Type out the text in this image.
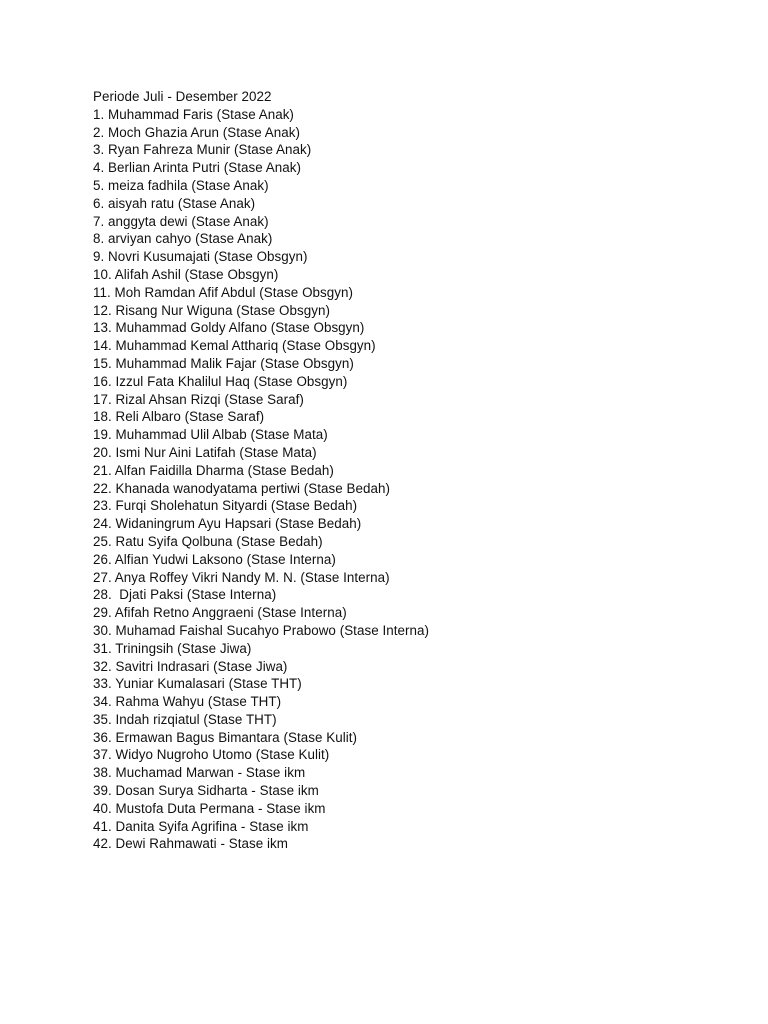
Periode Juli - Desember 2022
1. Muhammad Faris (Stase Anak)
2. Moch Ghazia Arun (Stase Anak)
3. Ryan Fahreza Munir (Stase Anak)
4. Berlian Arinta Putri (Stase Anak)
5. meiza fadhila (Stase Anak)
6. aisyah ratu (Stase Anak)
7. anggyta dewi (Stase Anak)
8. arviyan cahyo (Stase Anak)
9. Novri Kusumajati (Stase Obsgyn)
10. Alifah Ashil (Stase Obsgyn)
11. Moh Ramdan Afif Abdul (Stase Obsgyn)
12. Risang Nur Wiguna (Stase Obsgyn)
13. Muhammad Goldy Alfano (Stase Obsgyn)
14. Muhammad Kemal Atthariq (Stase Obsgyn)
15. Muhammad Malik Fajar (Stase Obsgyn)
16. Izzul Fata Khalilul Haq (Stase Obsgyn)
17. Rizal Ahsan Rizqi (Stase Saraf)
18. Reli Albaro (Stase Saraf)
19. Muhammad Ulil Albab (Stase Mata)
20. Ismi Nur Aini Latifah (Stase Mata)
21. Alfan Faidilla Dharma (Stase Bedah)
22. Khanada wanodyatama pertiwi (Stase Bedah)
23. Furqi Sholehatun Sityardi (Stase Bedah)
24. Widaningrum Ayu Hapsari (Stase Bedah)
25. Ratu Syifa Qolbuna (Stase Bedah)
26. Alfian Yudwi Laksono (Stase Interna)
27. Anya Roffey Vikri Nandy M. N. (Stase Interna)
28.  Djati Paksi (Stase Interna)
29. Afifah Retno Anggraeni (Stase Interna)
30. Muhamad Faishal Sucahyo Prabowo (Stase Interna)
31. Triningsih (Stase Jiwa)
32. Savitri Indrasari (Stase Jiwa)
33. Yuniar Kumalasari (Stase THT)
34. Rahma Wahyu (Stase THT)
35. Indah rizqiatul (Stase THT)
36. Ermawan Bagus Bimantara (Stase Kulit)
37. Widyo Nugroho Utomo (Stase Kulit)
38. Muchamad Marwan - Stase ikm
39. Dosan Surya Sidharta - Stase ikm
40. Mustofa Duta Permana - Stase ikm
41. Danita Syifa Agrifina - Stase ikm
42. Dewi Rahmawati - Stase ikm
